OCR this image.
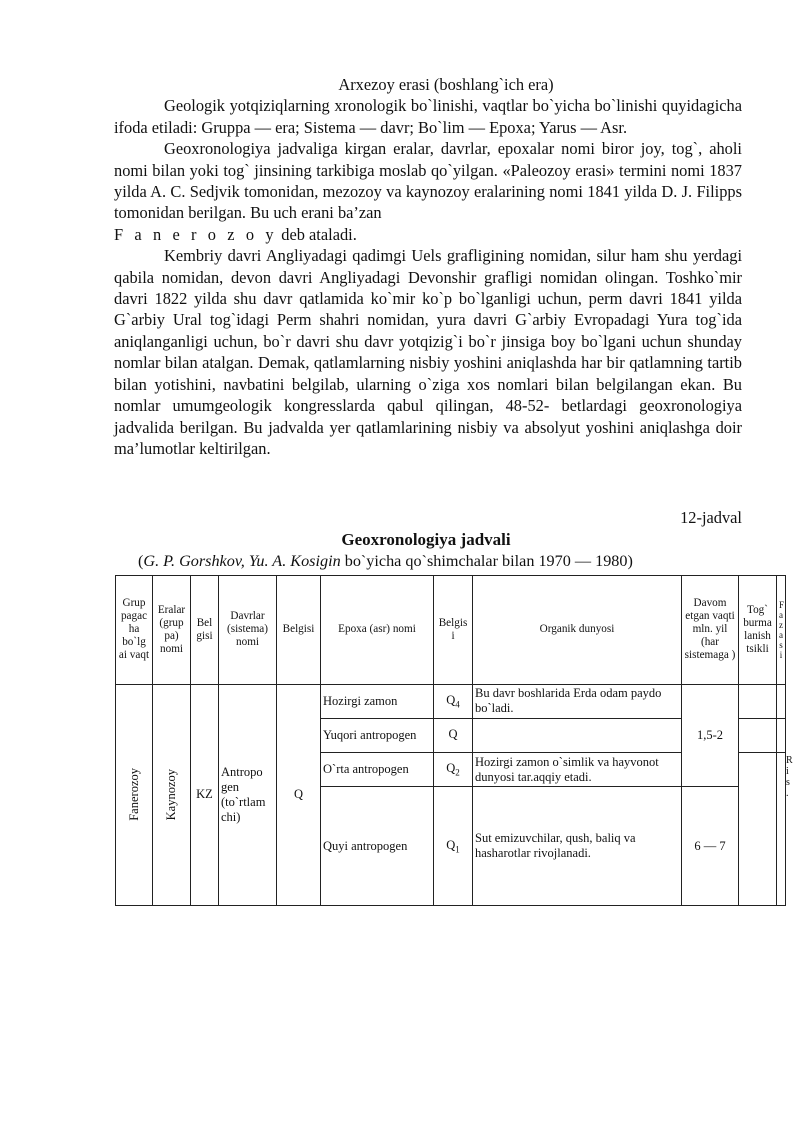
Arxezoy erasi (boshlang`ich era)

Geologik yotqiziqlarning xronologik bo`linishi, vaqtlar bo`yicha bo`linishi quyidagicha ifoda etiladi: Gruppa — era; Sistema — davr; Bo`lim — Epoxa; Yarus — Asr.

Geoxronologiya jadvaliga kirgan eralar, davrlar, epoxalar nomi biror joy, tog`, aholi nomi bilan yoki tog` jinsining tarkibiga moslab qo`yilgan. «Paleozoy erasi» termini nomi 1837 yilda A. C. Sedjvik tomonidan, mezozoy va kaynozoy eralarining nomi 1841 yilda D. J. Filipps tomonidan berilgan. Bu uch erani ba’zan
F a n e r o z o y deb ataladi.

Kembriy davri Angliyadagi qadimgi Uels grafligining nomidan, silur ham shu yerdagi qabila nomidan, devon davri Angliyadagi Devonshir grafligi nomidan olingan. Toshko`mir davri 1822 yilda shu davr qatlamida ko`mir ko`p bo`lganligi uchun, perm davri 1841 yilda G`arbiy Ural tog`idagi Perm shahri nomidan, yura davri G`arbiy Evropadagi Yura tog`ida aniqlanganligi uchun, bo`r davri shu davr yotqizig`i bo`r jinsiga boy bo`lgani uchun shunday nomlar bilan atalgan. Demak, qatlamlarning nisbiy yoshini aniqlashda har bir qatlamning tartib bilan yotishini, navbatini belgilab, ularning o`ziga xos nomlari bilan belgilangan ekan. Bu nomlar umumgeologik kongresslarda qabul qilingan, 48-52- betlardagi geoxronologiya jadvalida berilgan. Bu jadvalda yer qatlamlarining nisbiy va absolyut yoshini aniqlashga doir ma’lumotlar keltirilgan.

12-jadval
Geoxronologiya jadvali
(G. P. Gorshkov, Yu. A. Kosigin bo`yicha qo`shimchalar bilan 1970 — 1980)
Grup pagac ha bo`lg ai vaqt	Eralar (grup pa) nomi	Bel gisi	Davrlar (sistema) nomi	Belgisi	Epoxa (asr) nomi	Belgis i	Organik dunyosi	Davom etgan vaqti mln. yil (har sistemaga )	Tog` burma lanish tsikli	F a z a s i

Fanerozoy	Kaynozoy	KZ	Antropo gen (to`rtlam chi)	Q	Hozirgi zamon	$Q_4$	Bu davr boshlarida Erda odam paydo bo`ladi.	1,5-2		
					Yuqori antropogen	Q				
					O`rta antropogen	$Q_2$	Hozirgi zamon o`simlik va hayvonot dunyosi tar.aqqiy etadi.			
					Quyi antropogen	$Q_1$	Sut emizuvchilar, qush, baliq va hasharotlar rivojlanadi.	6 — 7		
R i s .
